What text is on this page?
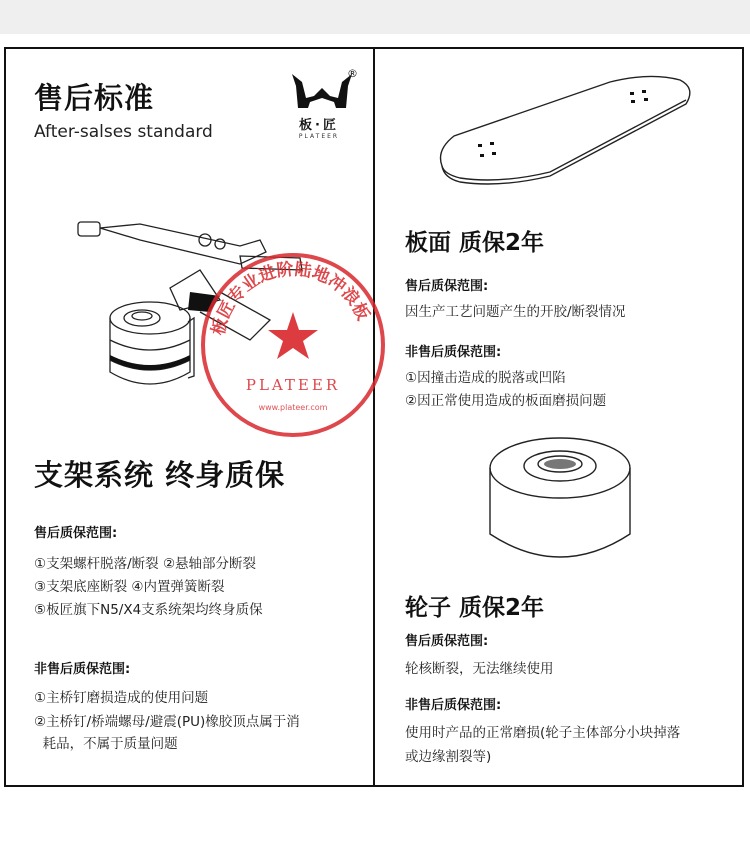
售后标准
After-salses standard
®
板·匠
PLATEER
板匠专业进阶陆地冲浪板
PLATEER
www.plateer.com
支架系统 终身质保
售后质保范围:
①支架螺杆脱落/断裂 ②悬轴部分断裂
③支架底座断裂 ④内置弹簧断裂
⑤板匠旗下N5/X4支系统架均终身质保
非售后质保范围:
①主桥钉磨损造成的使用问题
②主桥钉/桥端螺母/避震(PU)橡胶顶点属于消
耗品，不属于质量问题
板面 质保2年
售后质保范围:
因生产工艺问题产生的开胶/断裂情况
非售后质保范围:
①因撞击造成的脱落或凹陷
②因正常使用造成的板面磨损问题
轮子 质保2年
售后质保范围:
轮核断裂，无法继续使用
非售后质保范围:
使用时产品的正常磨损(轮子主体部分小块掉落
或边缘割裂等)
